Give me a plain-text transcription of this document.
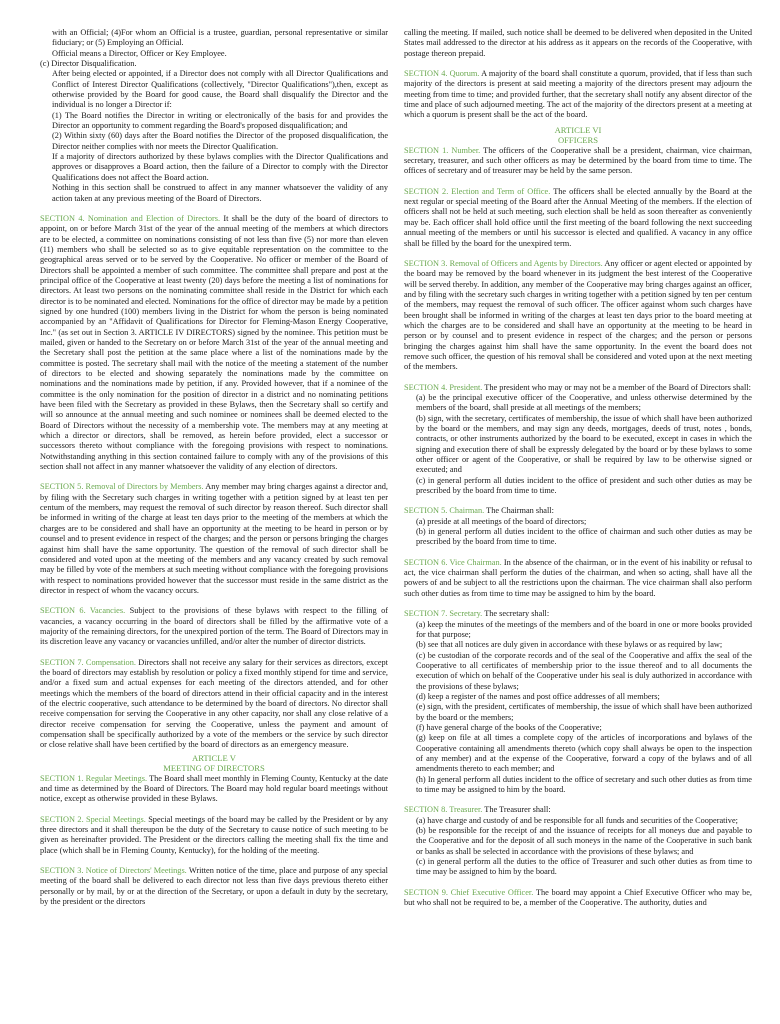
with an Official; (4)For whom an Official is a trustee, guardian, personal representative or similar fiduciary; or (5) Employing an Official.

Official means a Director, Officer or Key Employee.

(c) Director Disqualification.

After being elected or appointed, if a Director does not comply with all Director Qualifications and Conflict of Interest Director Qualifications (collectively, "Director Qualifications"),then, except as otherwise provided by the Board for good cause, the Board shall disqualify the Director and the individual is no longer a Director if:

(1) The Board notifies the Director in writing or electronically of the basis for and provides the Director an opportunity to comment regarding the Board's proposed disqualification; and

(2) Within sixty (60) days after the Board notifies the Director of the proposed disqualification, the Director neither complies with nor meets the Director Qualification.

If a majority of directors authorized by these bylaws complies with the Director Qualifications and approves or disapproves a Board action, then the failure of a Director to comply with the Director Qualifications does not affect the Board action.

Nothing in this section shall be construed to affect in any manner whatsoever the validity of any action taken at any previous meeting of the Board of Directors.

SECTION 4. Nomination and Election of Directors. It shall be the duty of the board of directors to appoint, on or before March 31st of the year of the annual meeting of the members at which directors are to be elected, a committee on nominations consisting of not less than five (5) nor more than eleven (11) members who shall be selected so as to give equitable representation on the committee to the geographical areas served or to be served by the Cooperative. No officer or member of the Board of Directors shall be appointed a member of such committee. The committee shall prepare and post at the principal office of the Cooperative at least twenty (20) days before the meeting a list of nominations for directors. At least two persons on the nominating committee shall reside in the District for which each director is to be nominated and elected. Nominations for the office of director may be made by a petition signed by one hundred (100) members living in the District for whom the person is being nominated accompanied by an "Affidavit of Qualifications for Director for Fleming-Mason Energy Cooperative, Inc." (as set out in Section 3. ARTICLE IV DIRECTORS) signed by the nominee. This petition must be mailed, given or handed to the Secretary on or before March 31st of the year of the annual meeting and the Secretary shall post the petition at the same place where a list of the nominations made by the committee is posted. The secretary shall mail with the notice of the meeting a statement of the number of directors to be elected and showing separately the nominations made by the committee on nominations and the nominations made by petition, if any. Provided however, that if a nominee of the committee is the only nomination for the position of director in a district and no nominating petitions have been filed with the Secretary as provided in these Bylaws, then the Secretary shall so certify and will so announce at the annual meeting and such nominee or nominees shall be deemed elected to the Board of Directors without the necessity of a membership vote. The members may at any meeting at which a director or directors, shall be removed, as herein before provided, elect a successor or successors thereto without compliance with the foregoing provisions with respect to nominations. Notwithstanding anything in this section contained failure to comply with any of the provisions of this section shall not affect in any manner whatsoever the validity of any election of directors.

SECTION 5. Removal of Directors by Members. Any member may bring charges against a director and, by filing with the Secretary such charges in writing together with a petition signed by at least ten per centum of the members, may request the removal of such director by reason thereof. Such director shall be informed in writing of the charge at least ten days prior to the meeting of the members at which the charges are to be considered and shall have an opportunity at the meeting to be heard in person or by counsel and to present evidence in respect of the charges; and the person or persons bringing the charges against him shall have the same opportunity. The question of the removal of such director shall be considered and voted upon at the meeting of the members and any vacancy created by such removal may be filled by vote of the members at such meeting without compliance with the foregoing provisions with respect to nominations provided however that the successor must reside in the same district as the director in respect of whom the vacancy occurs.

SECTION 6. Vacancies. Subject to the provisions of these bylaws with respect to the filling of vacancies, a vacancy occurring in the board of directors shall be filled by the affirmative vote of a majority of the remaining directors, for the unexpired portion of the term. The Board of Directors may in its discretion leave any vacancy or vacancies unfilled, and/or alter the number of director districts.

SECTION 7. Compensation. Directors shall not receive any salary for their services as directors, except the board of directors may establish by resolution or policy a fixed monthly stipend for time and service, and/or a fixed sum and actual expenses for each meeting of the directors attended, and for other meetings which the members of the board of directors attend in their official capacity and in the interest of the electric cooperative, such attendance to be determined by the board of directors. No director shall receive compensation for serving the Cooperative in any other capacity, nor shall any close relative of a director receive compensation for serving the Cooperative, unless the payment and amount of compensation shall be specifically authorized by a vote of the members or the service by such director or close relative shall have been certified by the board of directors as an emergency measure.

ARTICLE V

MEETING OF DIRECTORS

SECTION 1. Regular Meetings. The Board shall meet monthly in Fleming County, Kentucky at the date and time as determined by the Board of Directors. The Board may hold regular board meetings without notice, except as otherwise provided in these Bylaws.

SECTION 2. Special Meetings. Special meetings of the board may be called by the President or by any three directors and it shall thereupon be the duty of the Secretary to cause notice of such meeting to be given as hereinafter provided. The President or the directors calling the meeting shall fix the time and place (which shall be in Fleming County, Kentucky), for the holding of the meeting.

SECTION 3. Notice of Directors' Meetings. Written notice of the time, place and purpose of any special meeting of the board shall be delivered to each director not less than five days previous thereto either personally or by mail, by or at the direction of the Secretary, or upon a default in duty by the secretary, by the president or the directors

calling the meeting. If mailed, such notice shall be deemed to be delivered when deposited in the United States mail addressed to the director at his address as it appears on the records of the Cooperative, with postage thereon prepaid.

SECTION 4. Quorum. A majority of the board shall constitute a quorum, provided, that if less than such majority of the directors is present at said meeting a majority of the directors present may adjourn the meeting from time to time; and provided further, that the secretary shall notify any absent director of the time and place of such adjourned meeting. The act of the majority of the directors present at a meeting at which a quorum is present shall be the act of the board.

ARTICLE VI

OFFICERS

SECTION 1. Number. The officers of the Cooperative shall be a president, chairman, vice chairman, secretary, treasurer, and such other officers as may be determined by the board from time to time. The offices of secretary and of treasurer may be held by the same person.

SECTION 2. Election and Term of Office. The officers shall be elected annually by the Board at the next regular or special meeting of the Board after the Annual Meeting of the members. If the election of officers shall not be held at such meeting, such election shall be held as soon thereafter as conveniently may be. Each officer shall hold office until the first meeting of the board following the next succeeding annual meeting of the members or until his successor is elected and qualified. A vacancy in any office shall be filled by the board for the unexpired term.

SECTION 3. Removal of Officers and Agents by Directors. Any officer or agent elected or appointed by the board may be removed by the board whenever in its judgment the best interest of the Cooperative will be served thereby. In addition, any member of the Cooperative may bring charges against an officer, and by filing with the secretary such charges in writing together with a petition signed by ten per centum of the members, may request the removal of such officer. The officer against whom such charges have been brought shall be informed in writing of the charges at least ten days prior to the board meeting at which the charges are to be considered and shall have an opportunity at the meeting to be heard in person or by counsel and to present evidence in respect of the charges; and the person or persons bringing the charges against him shall have the same opportunity. In the event the board does not remove such officer, the question of his removal shall be considered and voted upon at the next meeting of the members.

SECTION 4. President. The president who may or may not be a member of the Board of Directors shall:

(a) be the principal executive officer of the Cooperative, and unless otherwise determined by the members of the board, shall preside at all meetings of the members;

(b) sign, with the secretary, certificates of membership, the issue of which shall have been authorized by the board or the members, and may sign any deeds, mortgages, deeds of trust, notes , bonds, contracts, or other instruments authorized by the board to be executed, except in cases in which the signing and execution there of shall be expressly delegated by the board or by these bylaws to some other officer or agent of the Cooperative, or shall be required by law to be otherwise signed or executed; and

(c) in general perform all duties incident to the office of president and such other duties as may be prescribed by the board from time to time.

SECTION 5. Chairman. The Chairman shall:

(a) preside at all meetings of the board of directors;

(b) in general perform all duties incident to the office of chairman and such other duties as may be prescribed by the board from time to time.

SECTION 6. Vice Chairman. In the absence of the chairman, or in the event of his inability or refusal to act, the vice chairman shall perform the duties of the chairman, and when so acting, shall have all the powers of and be subject to all the restrictions upon the chairman. The vice chairman shall also perform such other duties as from time to time may be assigned to him by the board.

SECTION 7. Secretary. The secretary shall:

(a) keep the minutes of the meetings of the members and of the board in one or more books provided for that purpose;

(b) see that all notices are duly given in accordance with these bylaws or as required by law;

(c) be custodian of the corporate records and of the seal of the Cooperative and affix the seal of the Cooperative to all certificates of membership prior to the issue thereof and to all documents the execution of which on behalf of the Cooperative under his seal is duly authorized in accordance with the provisions of these bylaws;

(d) keep a register of the names and post office addresses of all members;

(e) sign, with the president, certificates of membership, the issue of which shall have been authorized by the board or the members;

(f) have general charge of the books of the Cooperative;

(g) keep on file at all times a complete copy of the articles of incorporations and bylaws of the Cooperative containing all amendments thereto (which copy shall always be open to the inspection of any member) and at the expense of the Cooperative, forward a copy of the bylaws and of all amendments thereto to each member; and

(h) In general perform all duties incident to the office of secretary and such other duties as from time to time may be assigned to him by the board.

SECTION 8. Treasurer. The Treasurer shall:

(a) have charge and custody of and be responsible for all funds and securities of the Cooperative;

(b) be responsible for the receipt of and the issuance of receipts for all moneys due and payable to the Cooperative and for the deposit of all such moneys in the name of the Cooperative in such bank or banks as shall be selected in accordance with the provisions of these bylaws; and

(c) in general perform all the duties to the office of Treasurer and such other duties as from time to time may be assigned to him by the board.

SECTION 9. Chief Executive Officer. The board may appoint a Chief Executive Officer who may be, but who shall not be required to be, a member of the Cooperative. The authority, duties and
